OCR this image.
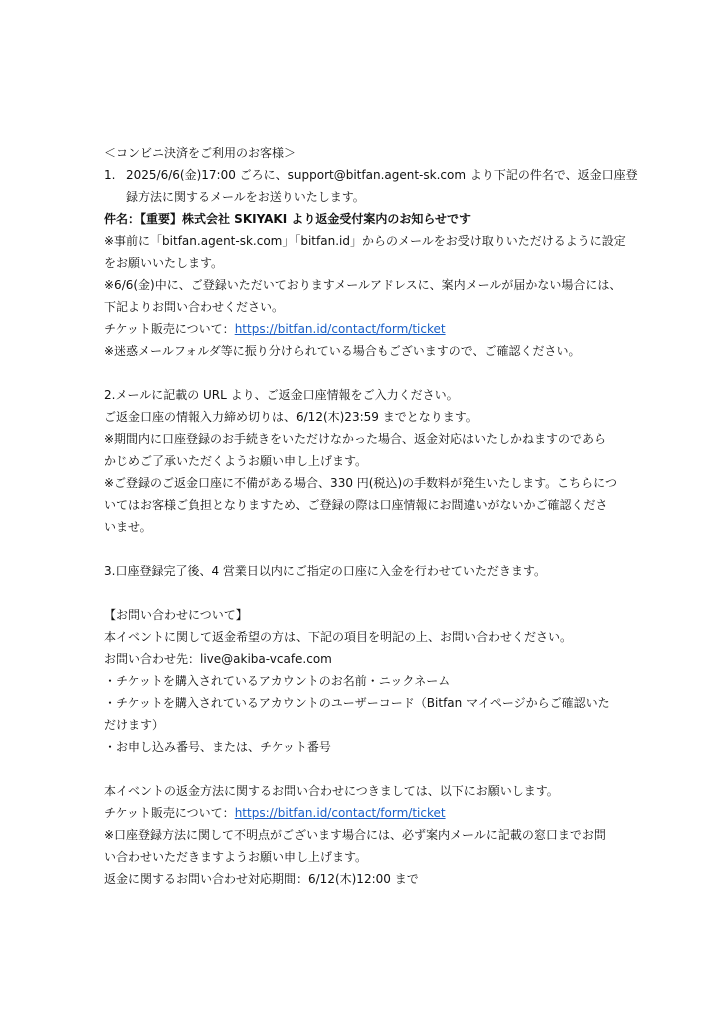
＜コンビニ決済をご利用のお客様＞
1. 2025/6/6(金)17:00 ごろに、support@bitfan.agent-sk.com より下記の件名で、返金口座登
録方法に関するメールをお送りいたします。
件名：【重要】株式会社 SKIYAKI より返金受付案内のお知らせです
※事前に「bitfan.agent-sk.com」「bitfan.id」からのメールをお受け取りいただけるように設定
をお願いいたします。
※6/6(金)中に、ご登録いただいておりますメールアドレスに、案内メールが届かない場合には、
下記よりお問い合わせください。
チケット販売について：https://bitfan.id/contact/form/ticket
※迷惑メールフォルダ等に振り分けられている場合もございますので、ご確認ください。
2.メールに記載の URL より、ご返金口座情報をご入力ください。
ご返金口座の情報入力締め切りは、6/12(木)23:59 までとなります。
※期間内に口座登録のお手続きをいただけなかった場合、返金対応はいたしかねますのであら
かじめご了承いただくようお願い申し上げます。
※ご登録のご返金口座に不備がある場合、330 円(税込)の手数料が発生いたします。こちらにつ
いてはお客様ご負担となりますため、ご登録の際は口座情報にお間違いがないかご確認くださ
いませ。
3.口座登録完了後、4 営業日以内にご指定の口座に入金を行わせていただきます。
【お問い合わせについて】
本イベントに関して返金希望の方は、下記の項目を明記の上、お問い合わせください。
お問い合わせ先：live@akiba-vcafe.com
・チケットを購入されているアカウントのお名前・ニックネーム
・チケットを購入されているアカウントのユーザーコード（Bitfan マイページからご確認いた
だけます）
・お申し込み番号、または、チケット番号
本イベントの返金方法に関するお問い合わせにつきましては、以下にお願いします。
チケット販売について：https://bitfan.id/contact/form/ticket
※口座登録方法に関して不明点がございます場合には、必ず案内メールに記載の窓口までお問
い合わせいただきますようお願い申し上げます。
返金に関するお問い合わせ対応期間：6/12(木)12:00 まで
